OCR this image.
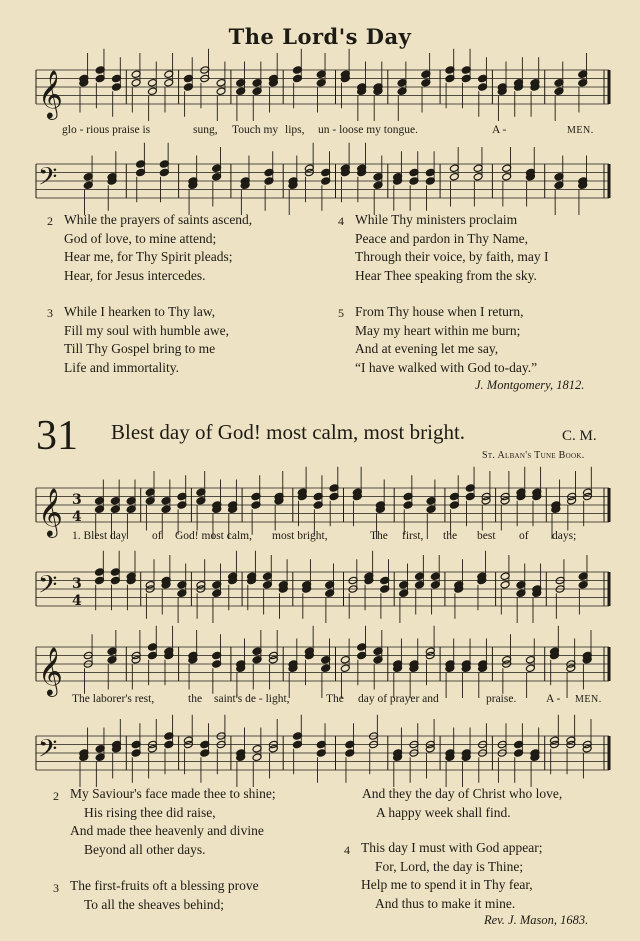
The Lord's Day
𝄞
glo - rious praise is	sung, Touch my lips, un - loose my tongue.	A -	MEN.
𝄢
2 While the prayers of saints ascend,
God of love, to mine attend;
Hear me, for Thy Spirit pleads;
Hear, for Jesus intercedes.
4 While Thy ministers proclaim
Peace and pardon in Thy Name,
Through their voice, by faith, may I
Hear Thee speaking from the sky.
3 While I hearken to Thy law,
Fill my soul with humble awe,
Till Thy Gospel bring to me
Life and immortality.
5 From Thy house when I return,
May my heart within me burn;
And at evening let me say,
“I have walked with God to-day.”
J. Montgomery, 1812.
31 Blest day of God! most calm, most bright.	C. M.
St. Alban's Tune Book.
𝄞 3
4
1. Blest day of God! most calm, most bright,	The first, the best of days;
𝄢 3
4
𝄞
The laborer's rest,	the saint's de - light,	The day of prayer and	praise.	A - MEN.
𝄢
2 My Saviour's face made thee to shine;
His rising thee did raise,
And made thee heavenly and divine
Beyond all other days.
3 The first-fruits oft a blessing prove
To all the sheaves behind;
And they the day of Christ who love,
A happy week shall find.
4 This day I must with God appear;
For, Lord, the day is Thine;
Help me to spend it in Thy fear,
And thus to make it mine.
Rev. J. Mason, 1683.
